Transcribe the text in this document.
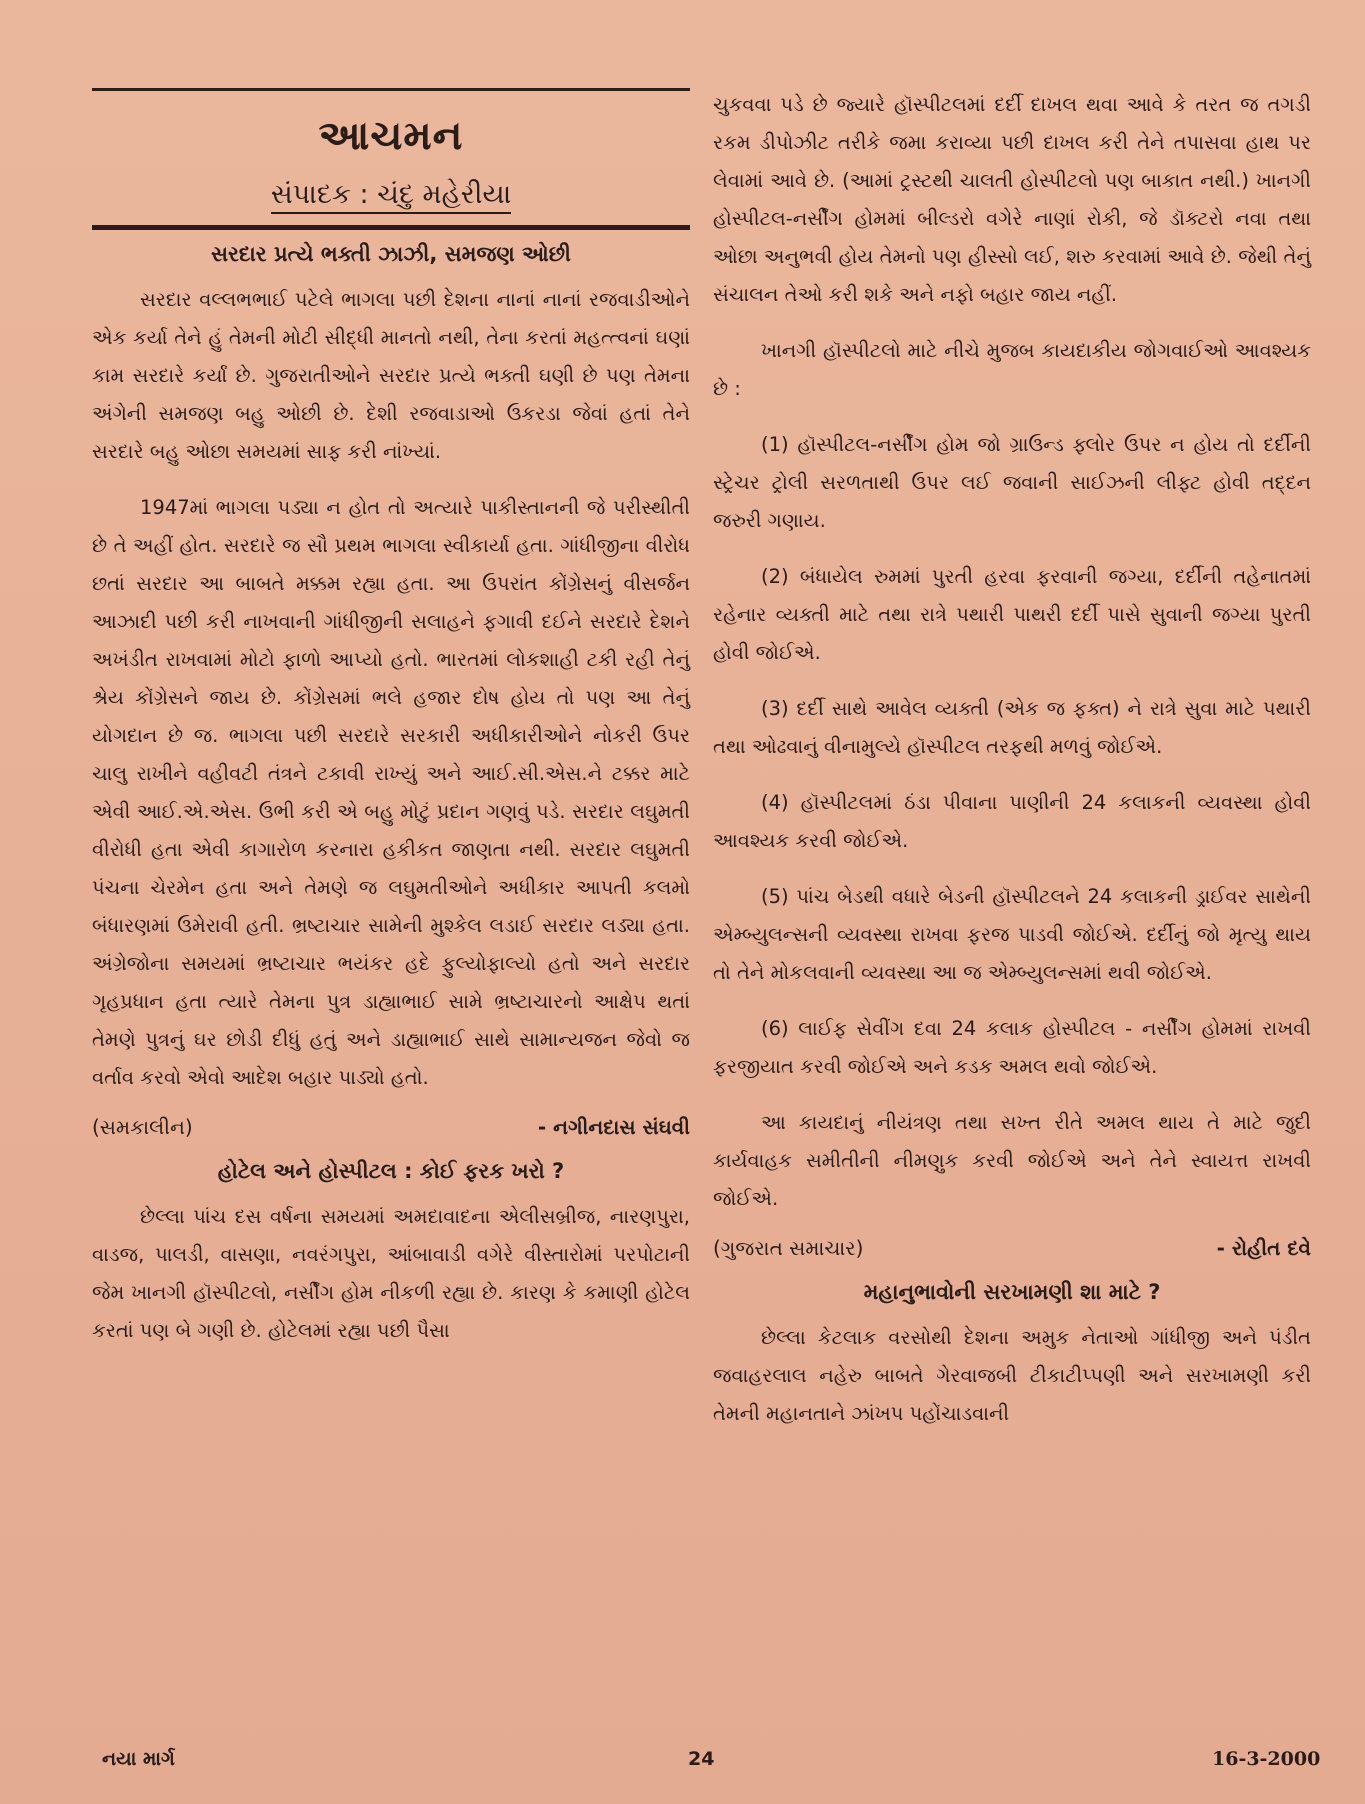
આચમન
સંપાદક : ચંદુ મહેરીયા
સરદાર પ્રત્યે ભક્તી ઝાઝી, સમજણ ઓછી

સરદાર વલ્લભભાઈ પટેલે ભાગલા પછી દેશના નાનાં નાનાં રજવાડીઓને એક કર્યા તેને હું તેમની મોટી સીદ્ધી માનતો નથી, તેના કરતાં મહત્ત્વનાં ઘણાં કામ સરદારે કર્યાં છે. ગુજરાતીઓને સરદાર પ્રત્યે ભક્તી ઘણી છે પણ તેમના અંગેની સમજણ બહુ ઓછી છે. દેશી રજવાડાઓ ઉકરડા જેવાં હતાં તેને સરદારે બહુ ઓછા સમયમાં સાફ કરી નાંખ્યાં.

1947માં ભાગલા પડ્યા ન હોત તો અત્યારે પાકીસ્તાનની જે પરીસ્થીતી છે તે અહીં હોત. સરદારે જ સૌ પ્રથમ ભાગલા સ્વીકાર્યા હતા. ગાંધીજીના વીરોધ છતાં સરદાર આ બાબતે મક્કમ રહ્યા હતા. આ ઉપરાંત કોંગ્રેસનું વીસર્જન આઝાદી પછી કરી નાખવાની ગાંધીજીની સલાહને ફગાવી દઈને સરદારે દેશને અખંડીત રાખવામાં મોટો ફાળો આપ્યો હતો. ભારતમાં લોકશાહી ટકી રહી તેનું શ્રેય કોંગ્રેસને જાય છે. કોંગ્રેસમાં ભલે હજાર દોષ હોય તો પણ આ તેનું યોગદાન છે જ. ભાગલા પછી સરદારે સરકારી અધીકારીઓને નોકરી ઉપર ચાલુ રાખીને વહીવટી તંત્રને ટકાવી રાખ્યું અને આઈ.સી.એસ.ને ટક્કર માટે એવી આઈ.એ.એસ. ઉભી કરી એ બહુ મોટું પ્રદાન ગણવું પડે. સરદાર લઘુમતી વીરોધી હતા એવી કાગારોળ કરનારા હકીકત જાણતા નથી. સરદાર લઘુમતી પંચના ચેરમેન હતા અને તેમણે જ લઘુમતીઓને અધીકાર આપતી કલમો બંધારણમાં ઉમેરાવી હતી. ભ્રષ્ટાચાર સામેની મુશ્કેલ લડાઈ સરદાર લડ્યા હતા. અંગ્રેજોના સમયમાં ભ્રષ્ટાચાર ભયંકર હદે ફુલ્યોફાલ્યો હતો અને સરદાર ગૃહપ્રધાન હતા ત્યારે તેમના પુત્ર ડાહ્યાભાઈ સામે ભ્રષ્ટાચારનો આક્ષેપ થતાં તેમણે પુત્રનું ઘર છોડી દીધું હતું અને ડાહ્યાભાઈ સાથે સામાન્યજન જેવો જ વર્તાવ કરવો એવો આદેશ બહાર પાડ્યો હતો.

(સમકાલીન)	- નગીનદાસ સંઘવી
હોટેલ અને હોસ્પીટલ : કોઈ ફરક ખરો ?

છેલ્લા પાંચ દસ વર્ષના સમયમાં અમદાવાદના એલીસબ્રીજ, નારણપુરા, વાડજ, પાલડી, વાસણા, નવરંગપુરા, આંબાવાડી વગેરે વીસ્તારોમાં પરપોટાની જેમ ખાનગી હૉસ્પીટલો, નર્સીંગ હોમ નીકળી રહ્યા છે. કારણ કે કમાણી હોટેલ કરતાં પણ બે ગણી છે. હોટેલમાં રહ્યા પછી પૈસા

ચુકવવા પડે છે જ્યારે હૉસ્પીટલમાં દર્દી દાખલ થવા આવે કે તરત જ તગડી રકમ ડીપોઝીટ તરીકે જમા કરાવ્યા પછી દાખલ કરી તેને તપાસવા હાથ પર લેવામાં આવે છે. (આમાં ટ્રસ્ટથી ચાલતી હોસ્પીટલો પણ બાકાત નથી.) ખાનગી હોસ્પીટલ-નર્સીંગ હોમમાં બીલ્ડરો વગેરે નાણાં રોકી, જે ડૉક્ટરો નવા તથા ઓછા અનુભવી હોય તેમનો પણ હીસ્સો લઈ, શરુ કરવામાં આવે છે. જેથી તેનું સંચાલન તેઓ કરી શકે અને નફો બહાર જાય નહીં.

ખાનગી હૉસ્પીટલો માટે નીચે મુજબ કાયદાકીય જોગવાઈઓ આવશ્યક છે :

(1) હૉસ્પીટલ-નર્સીંગ હોમ જો ગ્રાઉન્ડ ફ્લોર ઉપર ન હોય તો દર્દીની સ્ટ્રેચર ટ્રોલી સરળતાથી ઉપર લઈ જવાની સાઈઝની લીફ્ટ હોવી તદ્દન જરુરી ગણાય.

(2) બંધાયેલ રુમમાં પુરતી હરવા ફરવાની જગ્યા, દર્દીની તહેનાતમાં રહેનાર વ્યક્તી માટે તથા રાત્રે પથારી પાથરી દર્દી પાસે સુવાની જગ્યા પુરતી હોવી જોઈએ.

(3) દર્દી સાથે આવેલ વ્યક્તી (એક જ ફક્ત) ને રાત્રે સુવા માટે પથારી તથા ઓઢવાનું વીનામુલ્યે હૉસ્પીટલ તરફથી મળવું જોઈએ.

(4) હૉસ્પીટલમાં ઠંડા પીવાના પાણીની 24 કલાકની વ્યવસ્થા હોવી આવશ્યક કરવી જોઈએ.

(5) પાંચ બેડથી વધારે બેડની હૉસ્પીટલને 24 કલાકની ડ્રાઈવર સાથેની એમ્બ્યુલન્સની વ્યવસ્થા રાખવા ફરજ પાડવી જોઈએ. દર્દીનું જો મૃત્યુ થાય તો તેને મોકલવાની વ્યવસ્થા આ જ એમ્બ્યુલન્સમાં થવી જોઈએ.

(6) લાઈફ સેવીંગ દવા 24 કલાક હોસ્પીટલ - નર્સીંગ હોમમાં રાખવી ફરજીયાત કરવી જોઈએ અને કડક અમલ થવો જોઈએ.

આ કાયદાનું નીયંત્રણ તથા સખ્ત રીતે અમલ થાય તે માટે જુદી કાર્યવાહક સમીતીની નીમણુક કરવી જોઈએ અને તેને સ્વાયત્ત રાખવી જોઈએ.

(ગુજરાત સમાચાર)	- રોહીત દવે
મહાનુભાવોની સરખામણી શા માટે ?

છેલ્લા કેટલાક વરસોથી દેશના અમુક નેતાઓ ગાંધીજી અને પંડીત જવાહરલાલ નહેરુ બાબતે ગેરવાજબી ટીકાટીપ્પણી અને સરખામણી કરી તેમની મહાનતાને ઝાંખપ પહોંચાડવાની

નયા માર્ગ	24	16-3-2000
